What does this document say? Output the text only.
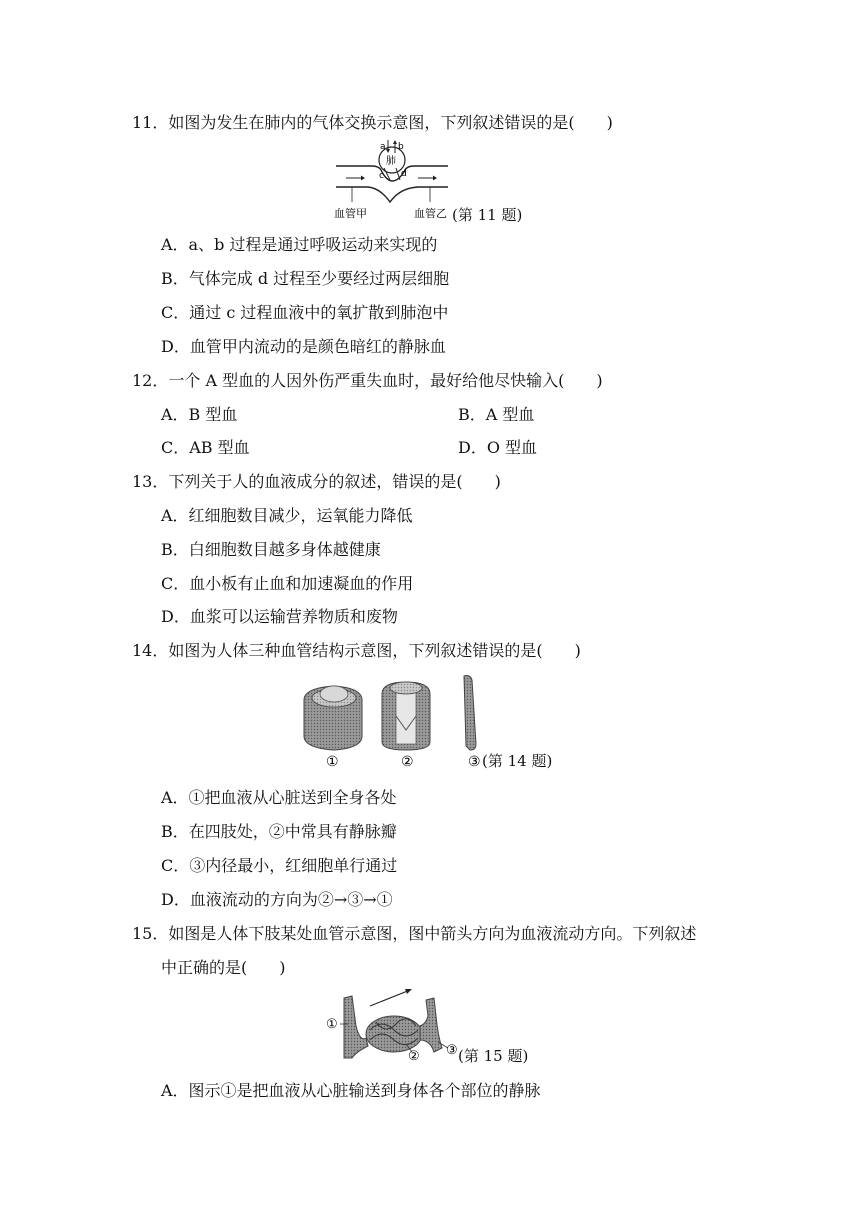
11．如图为发生在肺内的气体交换示意图，下列叙述错误的是(　　)
a b
肺
c d
血管甲	血管乙 (第 11 题)
A．a、b 过程是通过呼吸运动来实现的
B．气体完成 d 过程至少要经过两层细胞
C．通过 c 过程血液中的氧扩散到肺泡中
D．血管甲内流动的是颜色暗红的静脉血
12．一个 A 型血的人因外伤严重失血时，最好给他尽快输入(　　)
A．B 型血	B．A 型血
C．AB 型血	D．O 型血
13．下列关于人的血液成分的叙述，错误的是(　　)
A．红细胞数目减少，运氧能力降低
B．白细胞数目越多身体越健康
C．血小板有止血和加速凝血的作用
D．血浆可以运输营养物质和废物
14．如图为人体三种血管结构示意图，下列叙述错误的是(　　)
①	②	③ (第 14 题)
A．①把血液从心脏送到全身各处
B．在四肢处，②中常具有静脉瓣
C．③内径最小，红细胞单行通过
D．血液流动的方向为②→③→①
15．如图是人体下肢某处血管示意图，图中箭头方向为血液流动方向。下列叙述
中正确的是(　　)
①
② ③ (第 15 题)
A．图示①是把血液从心脏输送到身体各个部位的静脉
